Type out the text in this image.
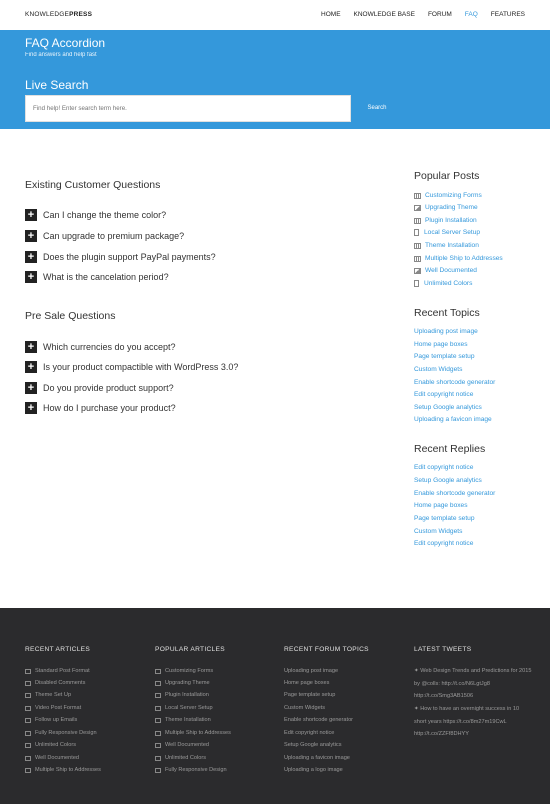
KNOWLEDGEPRESS	HOME KNOWLEDGE BASE FORUM FAQ FEATURES
FAQ Accordion
Find answers and help fast
Live Search
Find help! Enter search term here.
Search
Existing Customer Questions
+ Can I change the theme color?
+ Can upgrade to premium package?
+ Does the plugin support PayPal payments?
+ What is the cancelation period?
Pre Sale Questions
+ Which currencies do you accept?
+ Is your product compactible with WordPress 3.0?
+ Do you provide product support?
+ How do I purchase your product?
Popular Posts
Customizing Forms
Upgrading Theme
Plugin Installation
Local Server Setup
Theme Installation
Multiple Ship to Addresses
Well Documented
Unlimited Colors
Recent Topics
Uploading post image
Home page boxes
Page template setup
Custom Widgets
Enable shortcode generator
Edit copyright notice
Setup Google analytics
Uploading a favicon image
Recent Replies
Edit copyright notice
Setup Google analytics
Enable shortcode generator
Home page boxes
Page template setup
Custom Widgets
Edit copyright notice
RECENT ARTICLES
Standard Post Format
Disabled Comments
Theme Set Up
Video Post Format
Follow up Emails
Fully Responsive Design
Unlimited Colors
Well Documented
Multiple Ship to Addresses
POPULAR ARTICLES
Customizing Forms
Upgrading Theme
Plugin Installation
Local Server Setup
Theme Installation
Multiple Ship to Addresses
Well Documented
Unlimited Colors
Fully Responsive Design
RECENT FORUM TOPICS
Uploading post image
Home page boxes
Page template setup
Custom Widgets
Enable shortcode generator
Edit copyright notice
Setup Google analytics
Uploading a favicon image
Uploading a logo image
LATEST TWEETS
✦ Web Design Trends and Predictions for 2015 by @colls: http://t.co/N6LgtJg8 http://t.co/Smg3AB1506
✦ How to have an overnight success in 10 short years https://t.co/8m27m19CwL http://t.co/ZZFf8DHYY
